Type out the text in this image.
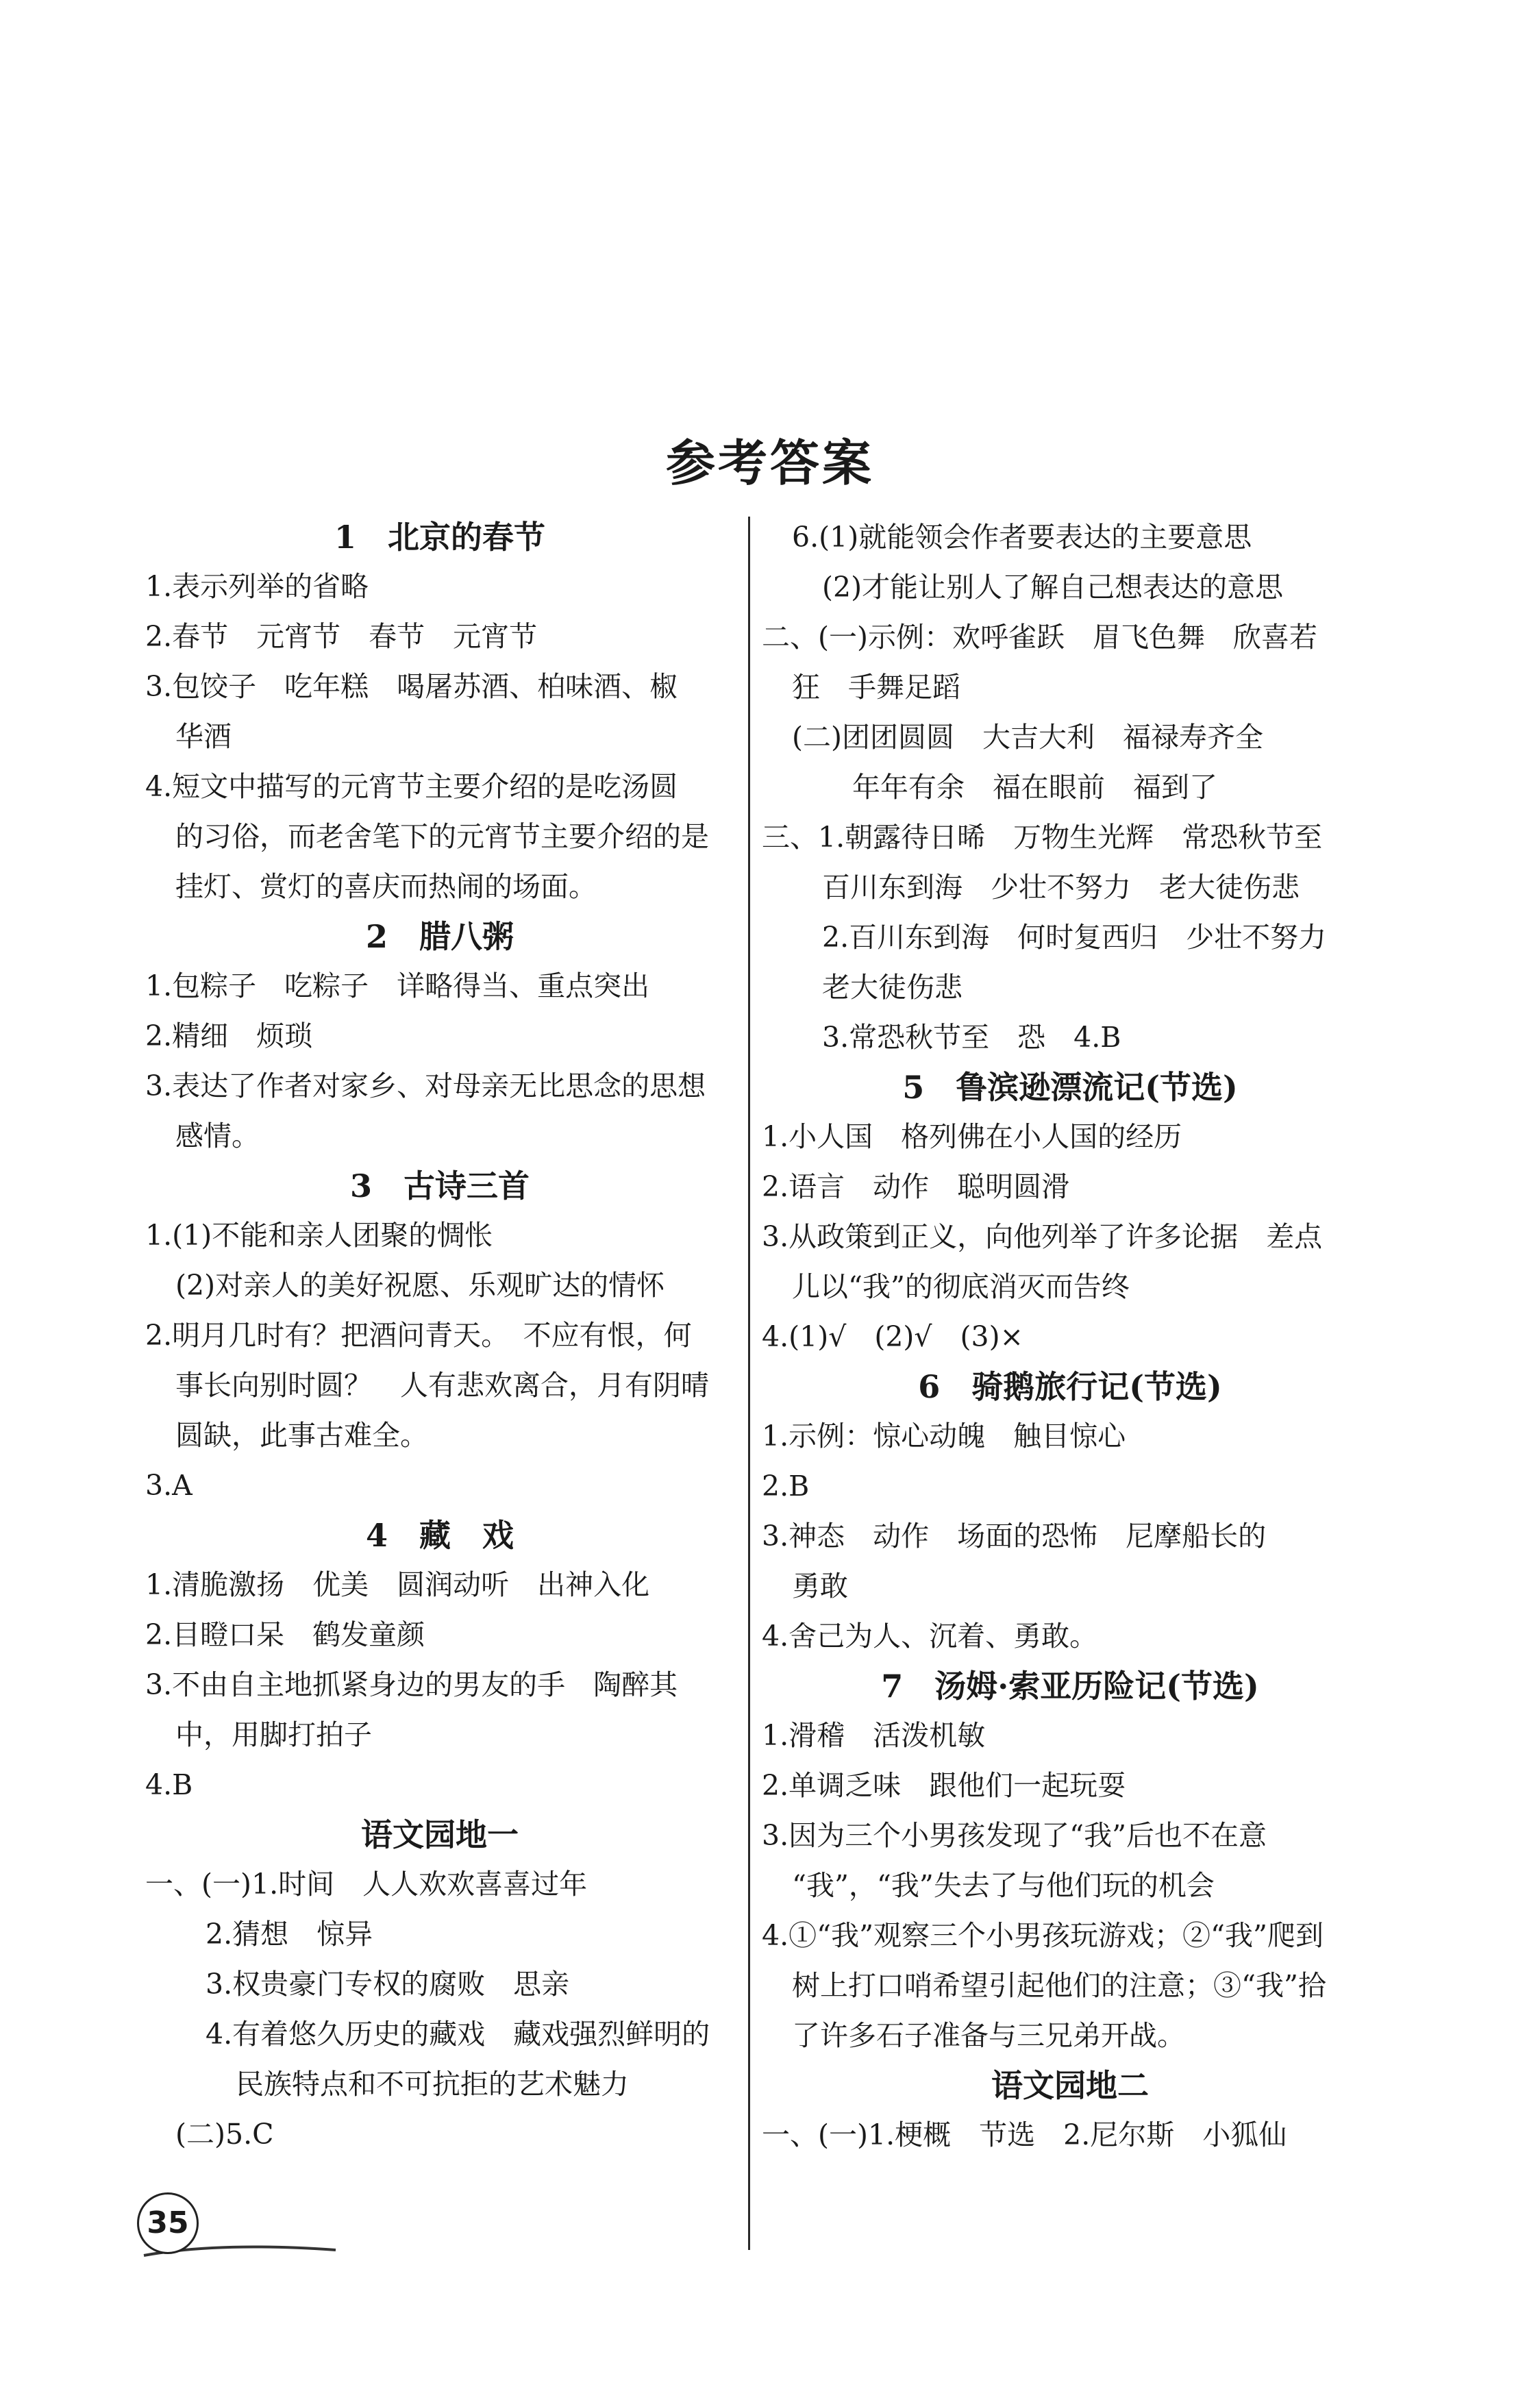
参考答案
1　北京的春节
1.表示列举的省略
2.春节　元宵节　春节　元宵节
3.包饺子　吃年糕　喝屠苏酒、柏味酒、椒
华酒
4.短文中描写的元宵节主要介绍的是吃汤圆
的习俗，而老舍笔下的元宵节主要介绍的是
挂灯、赏灯的喜庆而热闹的场面。
2　腊八粥
1.包粽子　吃粽子　详略得当、重点突出
2.精细　烦琐
3.表达了作者对家乡、对母亲无比思念的思想
感情。
3　古诗三首
1.(1)不能和亲人团聚的惆怅
(2)对亲人的美好祝愿、乐观旷达的情怀
2.明月几时有？把酒问青天。　不应有恨，何
事长向别时圆？　人有悲欢离合，月有阴晴
圆缺，此事古难全。
3.A
4　藏　戏
1.清脆激扬　优美　圆润动听　出神入化
2.目瞪口呆　鹤发童颜
3.不由自主地抓紧身边的男友的手　陶醉其
中，用脚打拍子
4.B
语文园地一
一、(一)1.时间　人人欢欢喜喜过年
2.猜想　惊异
3.权贵豪门专权的腐败　思亲
4.有着悠久历史的藏戏　藏戏强烈鲜明的
民族特点和不可抗拒的艺术魅力
(二)5.C
6.(1)就能领会作者要表达的主要意思
(2)才能让别人了解自己想表达的意思
二、(一)示例：欢呼雀跃　眉飞色舞　欣喜若
狂　手舞足蹈
(二)团团圆圆　大吉大利　福禄寿齐全
年年有余　福在眼前　福到了
三、1.朝露待日晞　万物生光辉　常恐秋节至
百川东到海　少壮不努力　老大徒伤悲
2.百川东到海　何时复西归　少壮不努力
老大徒伤悲
3.常恐秋节至　恐　4.B
5　鲁滨逊漂流记(节选)
1.小人国　格列佛在小人国的经历
2.语言　动作　聪明圆滑
3.从政策到正义，向他列举了许多论据　差点
儿以“我”的彻底消灭而告终
4.(1)√　(2)√　(3)×
6　骑鹅旅行记(节选)
1.示例：惊心动魄　触目惊心
2.B
3.神态　动作　场面的恐怖　尼摩船长的
勇敢
4.舍己为人、沉着、勇敢。
7　汤姆·索亚历险记(节选)
1.滑稽　活泼机敏
2.单调乏味　跟他们一起玩耍
3.因为三个小男孩发现了“我”后也不在意
“我”，“我”失去了与他们玩的机会
4.①“我”观察三个小男孩玩游戏；②“我”爬到
树上打口哨希望引起他们的注意；③“我”拾
了许多石子准备与三兄弟开战。
语文园地二
一、(一)1.梗概　节选　2.尼尔斯　小狐仙
35
